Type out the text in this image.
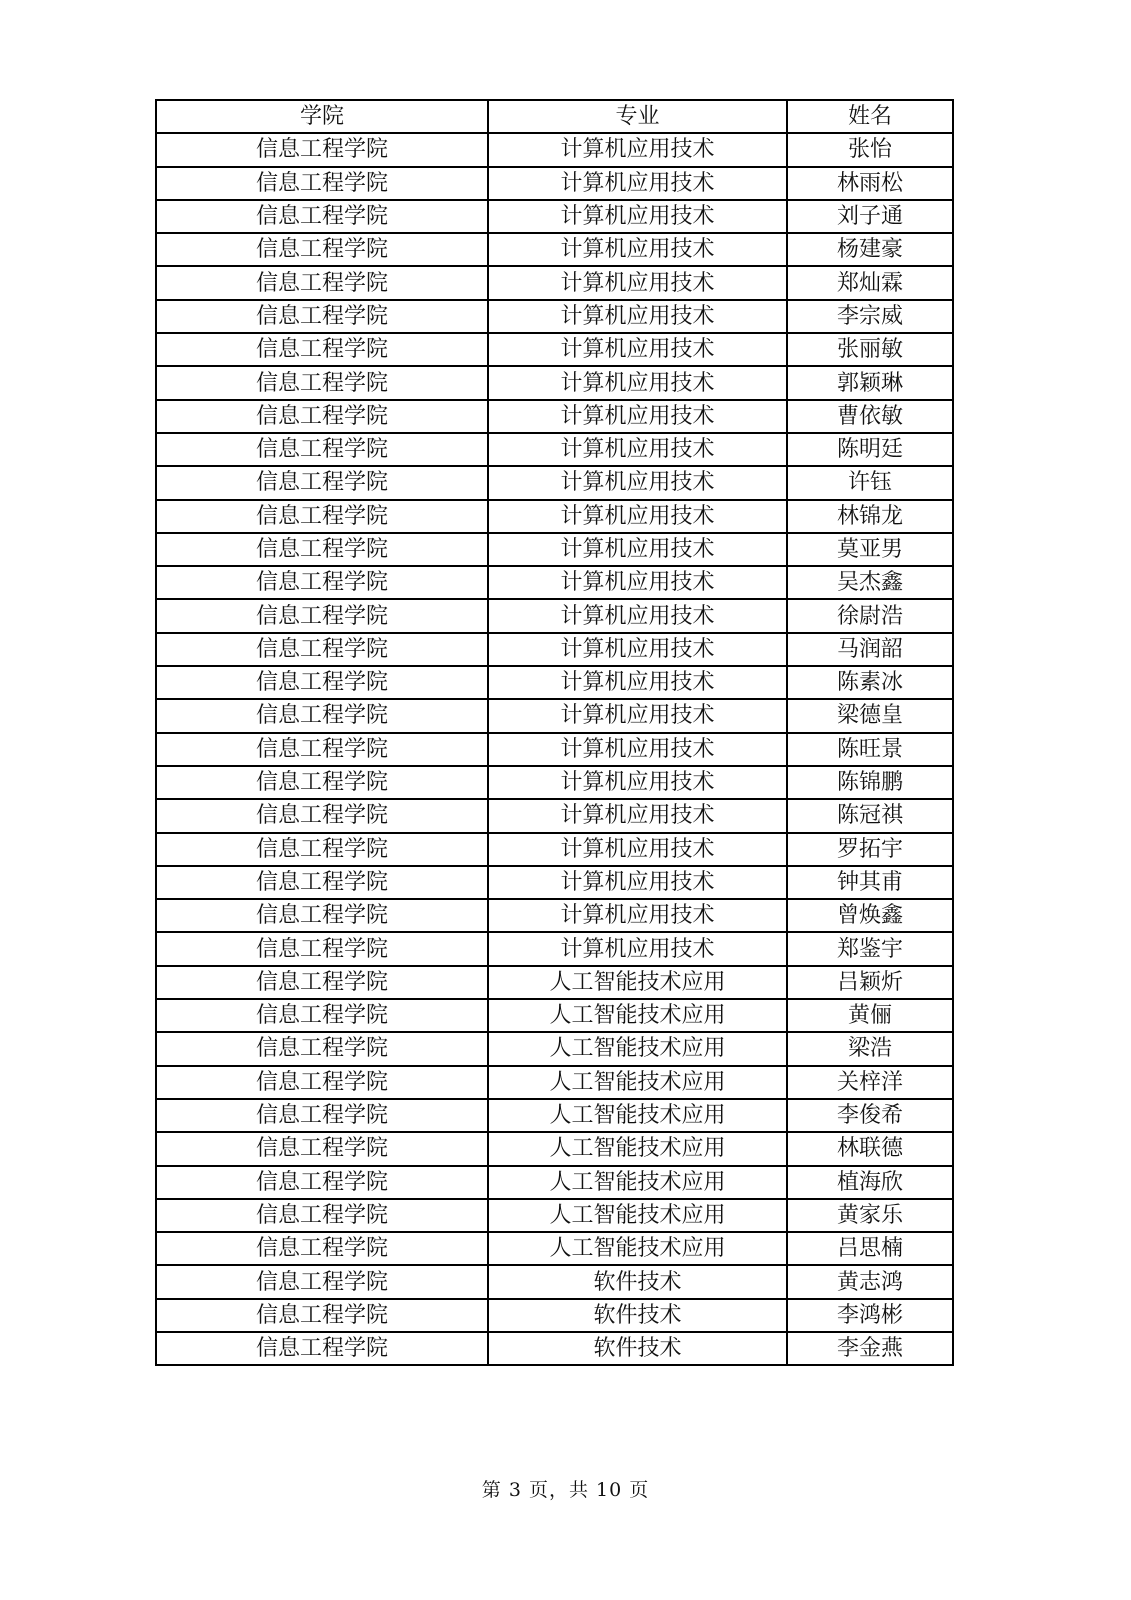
学院	专业	姓名
信息工程学院	计算机应用技术	张怡
信息工程学院	计算机应用技术	林雨松
信息工程学院	计算机应用技术	刘子通
信息工程学院	计算机应用技术	杨建豪
信息工程学院	计算机应用技术	郑灿霖
信息工程学院	计算机应用技术	李宗威
信息工程学院	计算机应用技术	张丽敏
信息工程学院	计算机应用技术	郭颖琳
信息工程学院	计算机应用技术	曹依敏
信息工程学院	计算机应用技术	陈明廷
信息工程学院	计算机应用技术	许钰
信息工程学院	计算机应用技术	林锦龙
信息工程学院	计算机应用技术	莫亚男
信息工程学院	计算机应用技术	吴杰鑫
信息工程学院	计算机应用技术	徐尉浩
信息工程学院	计算机应用技术	马润韶
信息工程学院	计算机应用技术	陈素冰
信息工程学院	计算机应用技术	梁德皇
信息工程学院	计算机应用技术	陈旺景
信息工程学院	计算机应用技术	陈锦鹏
信息工程学院	计算机应用技术	陈冠祺
信息工程学院	计算机应用技术	罗拓宇
信息工程学院	计算机应用技术	钟其甫
信息工程学院	计算机应用技术	曾焕鑫
信息工程学院	计算机应用技术	郑鉴宇
信息工程学院	人工智能技术应用	吕颖炘
信息工程学院	人工智能技术应用	黄俪
信息工程学院	人工智能技术应用	梁浩
信息工程学院	人工智能技术应用	关梓洋
信息工程学院	人工智能技术应用	李俊希
信息工程学院	人工智能技术应用	林联德
信息工程学院	人工智能技术应用	植海欣
信息工程学院	人工智能技术应用	黄家乐
信息工程学院	人工智能技术应用	吕思楠
信息工程学院	软件技术	黄志鸿
信息工程学院	软件技术	李鸿彬
信息工程学院	软件技术	李金燕
第 3 页，共 10 页
